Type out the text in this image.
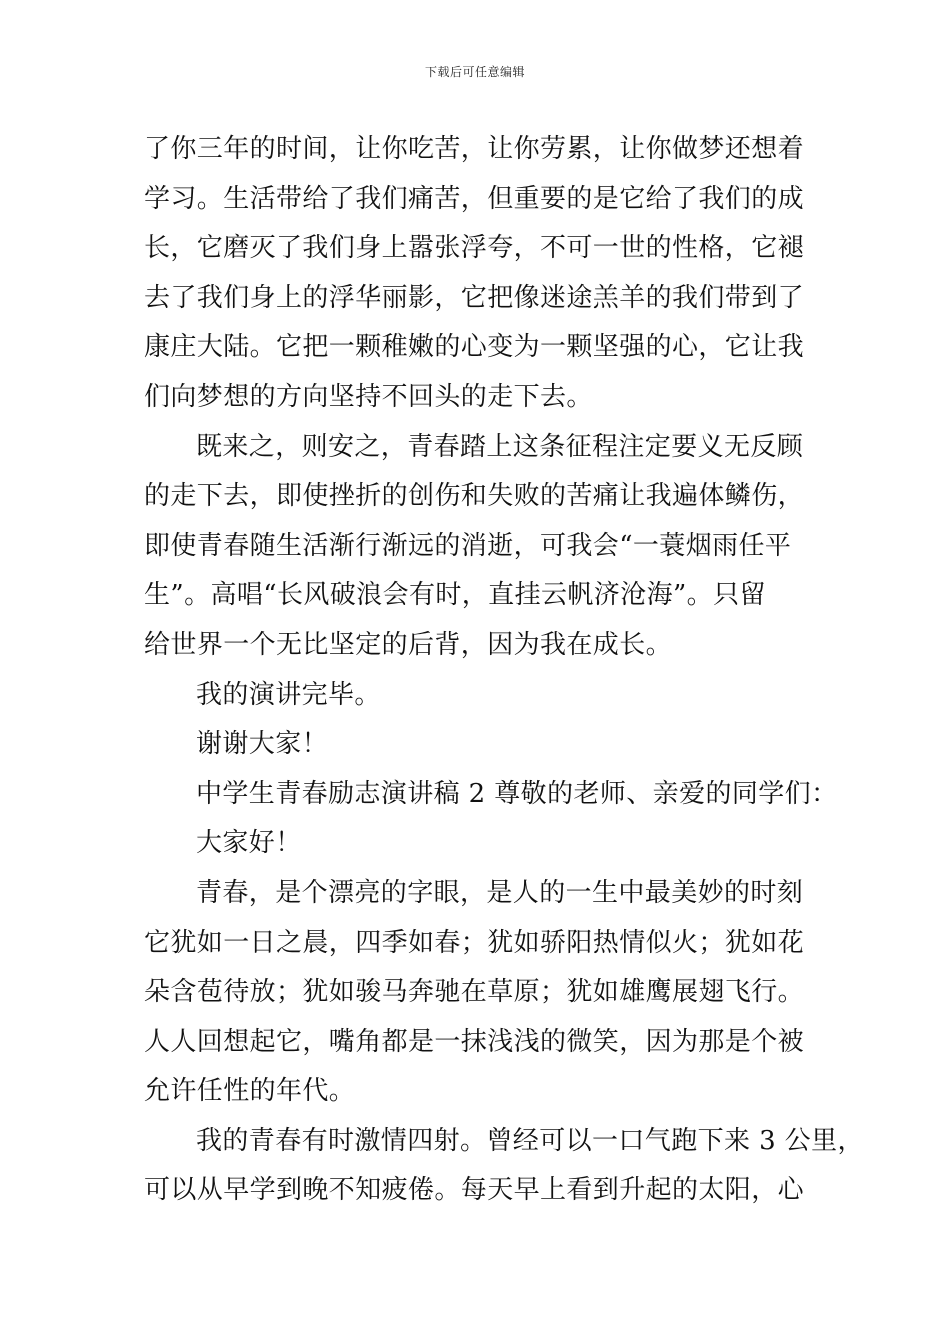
下载后可任意编辑
了你三年的时间，让你吃苦，让你劳累，让你做梦还想着
学习。生活带给了我们痛苦，但重要的是它给了我们的成
长，它磨灭了我们身上嚣张浮夸，不可一世的性格，它褪
去了我们身上的浮华丽影，它把像迷途羔羊的我们带到了
康庄大陆。它把一颗稚嫩的心变为一颗坚强的心，它让我
们向梦想的方向坚持不回头的走下去。
既来之，则安之，青春踏上这条征程注定要义无反顾
的走下去，即使挫折的创伤和失败的苦痛让我遍体鳞伤，
即使青春随生活渐行渐远的消逝，可我会“一蓑烟雨任平
生”。高唱“长风破浪会有时，直挂云帆济沧海”。只留
给世界一个无比坚定的后背，因为我在成长。
我的演讲完毕。
谢谢大家！
中学生青春励志演讲稿 2 尊敬的老师、亲爱的同学们：
大家好！
青春，是个漂亮的字眼，是人的一生中最美妙的时刻
它犹如一日之晨，四季如春；犹如骄阳热情似火；犹如花
朵含苞待放；犹如骏马奔驰在草原；犹如雄鹰展翅飞行。
人人回想起它，嘴角都是一抹浅浅的微笑，因为那是个被
允许任性的年代。
我的青春有时激情四射。曾经可以一口气跑下来 3 公里，
可以从早学到晚不知疲倦。每天早上看到升起的太阳，心
